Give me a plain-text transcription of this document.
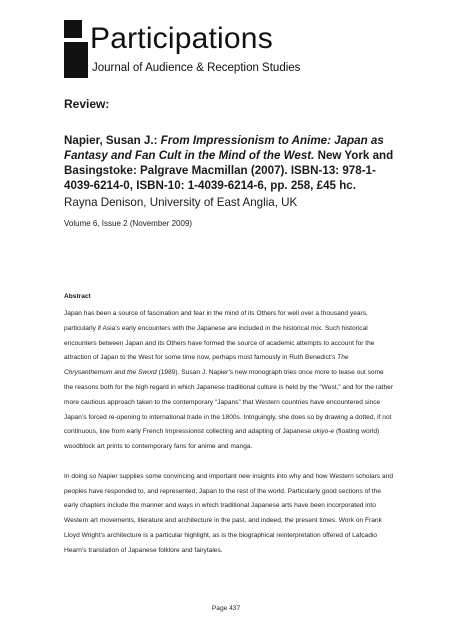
Participations
Journal of Audience & Reception Studies
Review:
Napier, Susan J.: From Impressionism to Anime: Japan as Fantasy and Fan Cult in the Mind of the West. New York and Basingstoke: Palgrave Macmillan (2007). ISBN-13: 978-1-4039-6214-0, ISBN-10: 1-4039-6214-6, pp. 258, £45 hc.
Rayna Denison, University of East Anglia, UK
Volume 6, Issue 2 (November 2009)
Abstract

Japan has been a source of fascination and fear in the mind of its Others for well over a thousand years, particularly if Asia’s early encounters with the Japanese are included in the historical mix. Such historical encounters between Japan and its Others have formed the source of academic attempts to account for the attraction of Japan to the West for some time now, perhaps most famously in Ruth Benedict’s The Chrysanthemum and the Sword (1989). Susan J. Napier’s new monograph tries once more to tease out some the reasons both for the high regard in which Japanese traditional culture is held by the “West,” and for the rather more cautious approach taken to the contemporary “Japans” that Western countries have encountered since Japan’s forced re-opening to international trade in the 1800s. Intriguingly, she does so by drawing a dotted, if not continuous, line from early French Impressionist collecting and adapting of Japanese ukiyo-e (floating world) woodblock art prints to contemporary fans for anime and manga.

In doing so Napier supplies some convincing and important new insights into why and how Western scholars and peoples have responded to, and represented, Japan to the rest of the world. Particularly good sections of the early chapters include the manner and ways in which traditional Japanese arts have been incorporated into Western art movements, literature and architecture in the past, and indeed, the present times. Work on Frank Lloyd Wright’s architecture is a particular highlight, as is the biographical reinterpretation offered of Lafcadio Hearn’s translation of Japanese folklore and fairytales.

Page 437
